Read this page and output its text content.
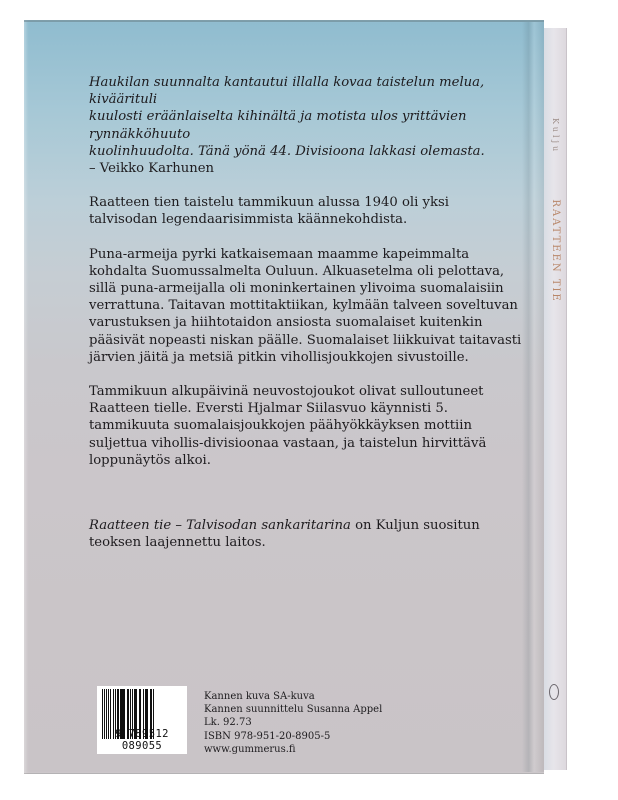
Kulju RAATTEEN TIE

Haukilan suunnalta kantautui illalla kovaa taistelun melua, kiväärituli
kuulosti eräänlaiselta kihinältä ja motista ulos yrittävien rynnäkköhuuto
kuolinhuudolta. Tänä yönä 44. Divisioona lakkasi olemasta.
– Veikko Karhunen

Raatteen tien taistelu tammikuun alussa 1940 oli yksi talvisodan legendaarisimmista käännekohdista.

Puna-armeija pyrki katkaisemaan maamme kapeimmalta kohdalta Suomussalmelta Ouluun. Alkuasetelma oli pelottava, sillä puna-armeijalla oli moninkertainen ylivoima suomalaisiin verrattuna. Taitavan mottitaktiikan, kylmään talveen soveltuvan varustuksen ja hiihtotaidon ansiosta suomalaiset kuitenkin pääsivät nopeasti niskan päälle. Suomalaiset liikkuivat taitavasti järvien jäitä ja metsiä pitkin vihollisjoukkojen sivustoille.

Tammikuun alkupäivinä neuvostojoukot olivat sulloutuneet Raatteen tielle. Eversti Hjalmar Siilasvuo käynnisti 5. tammikuuta suomalaisjoukkojen päähyökkäyksen mottiin suljettua vihollis-divisioonaa vastaan, ja taistelun hirvittävä loppunäytös alkoi.

Raatteen tie – Talvisodan sankaritarina on Kuljun suositun teoksen laajennettu laitos.

9 789512 089055
Kannen kuva SA-kuva
Kannen suunnittelu Susanna Appel
Lk. 92.73
ISBN 978-951-20-8905-5
www.gummerus.fi
